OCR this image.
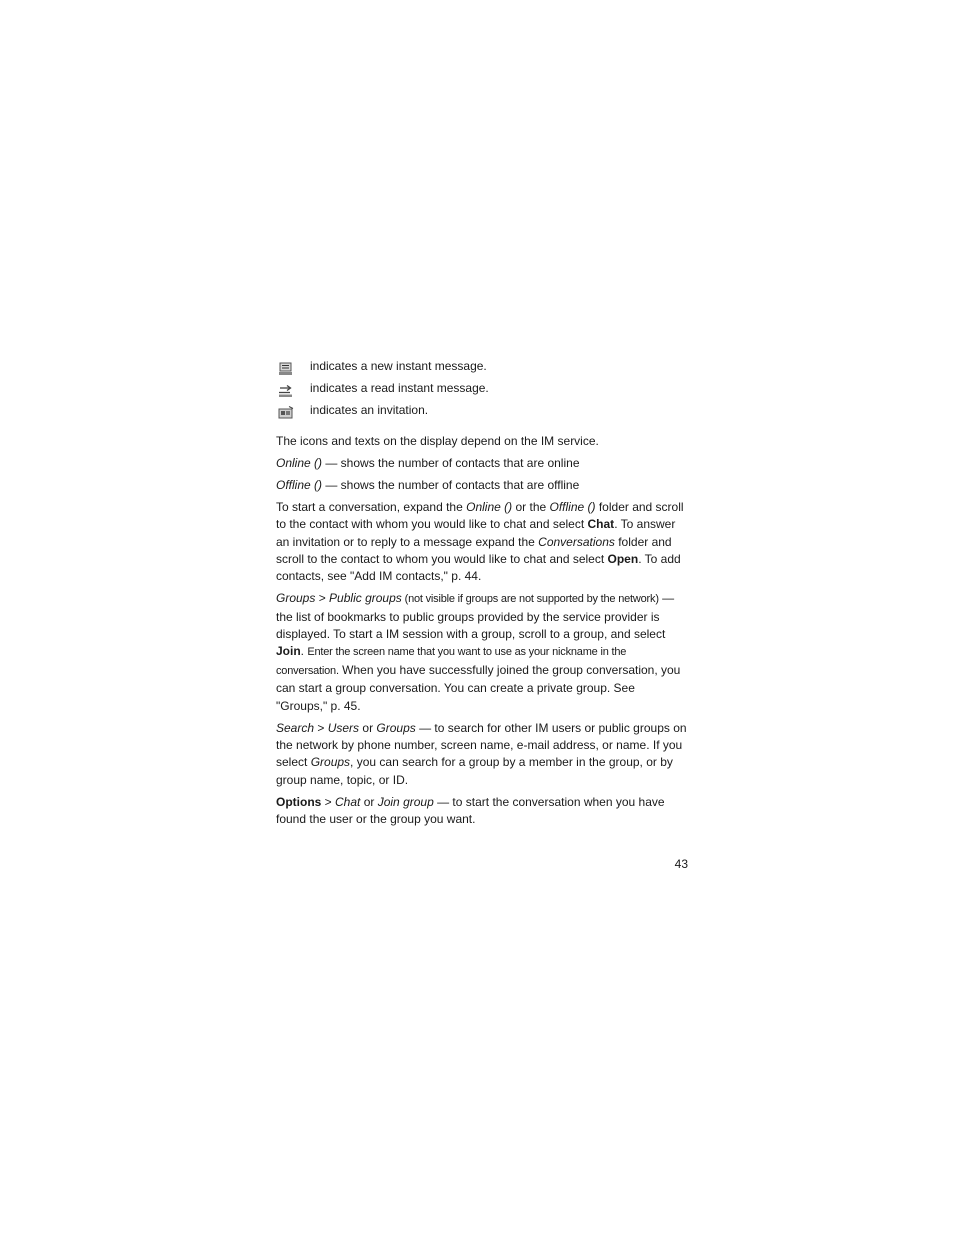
indicates a new instant message.
indicates a read instant message.
indicates an invitation.

The icons and texts on the display depend on the IM service.

Online () — shows the number of contacts that are online

Offline () — shows the number of contacts that are offline

To start a conversation, expand the Online () or the Offline () folder and scroll to the contact with whom you would like to chat and select Chat. To answer an invitation or to reply to a message expand the Conversations folder and scroll to the contact to whom you would like to chat and select Open. To add contacts, see "Add IM contacts," p. 44.

Groups > Public groups (not visible if groups are not supported by the network) — the list of bookmarks to public groups provided by the service provider is displayed. To start a IM session with a group, scroll to a group, and select Join. Enter the screen name that you want to use as your nickname in the conversation. When you have successfully joined the group conversation, you can start a group conversation. You can create a private group. See "Groups," p. 45.

Search > Users or Groups — to search for other IM users or public groups on the network by phone number, screen name, e-mail address, or name. If you select Groups, you can search for a group by a member in the group, or by group name, topic, or ID.

Options > Chat or Join group — to start the conversation when you have found the user or the group you want.

43
